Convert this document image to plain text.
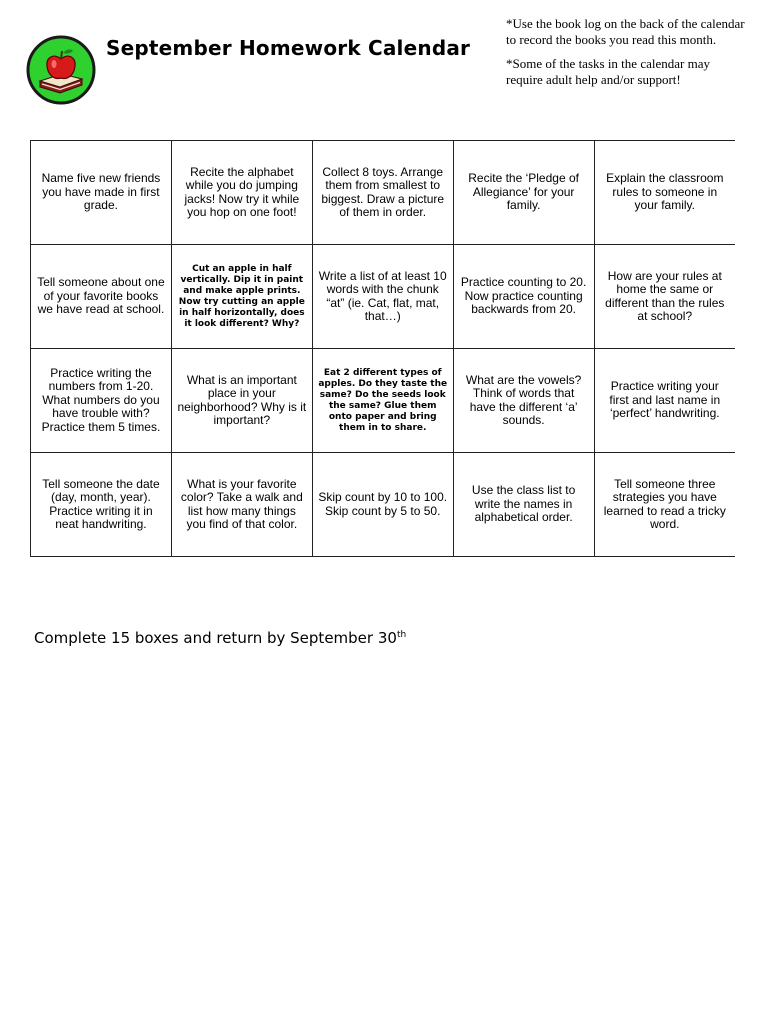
September Homework Calendar

*Use the book log on the back of the calendar to record the books you read this month.

*Some of the tasks in the calendar may require adult help and/or support!

Name five new friends you have made in first grade.	Recite the alphabet while you do jumping jacks! Now try it while you hop on one foot!	Collect 8 toys. Arrange them from smallest to biggest. Draw a picture of them in order.	Recite the ‘Pledge of Allegiance’ for your family.	Explain the classroom rules to someone in your family.
Tell someone about one of your favorite books we have read at school.	Cut an apple in half vertically. Dip it in paint and make apple prints. Now try cutting an apple in half horizontally, does it look different? Why?	Write a list of at least 10 words with the chunk “at” (ie. Cat, flat, mat, that…)	Practice counting to 20. Now practice counting backwards from 20.	How are your rules at home the same or different than the rules at school?
Practice writing the numbers from 1-20. What numbers do you have trouble with? Practice them 5 times.	What is an important place in your neighborhood? Why is it important?	Eat 2 different types of apples. Do they taste the same? Do the seeds look the same? Glue them onto paper and bring them in to share.	What are the vowels? Think of words that have the different ‘a’ sounds.	Practice writing your first and last name in ‘perfect’ handwriting.
Tell someone the date (day, month, year). Practice writing it in neat handwriting.	What is your favorite color? Take a walk and list how many things you find of that color.	Skip count by 10 to 100. Skip count by 5 to 50.	Use the class list to write the names in alphabetical order.	Tell someone three strategies you have learned to read a tricky word.
Complete 15 boxes and return by September 30th
